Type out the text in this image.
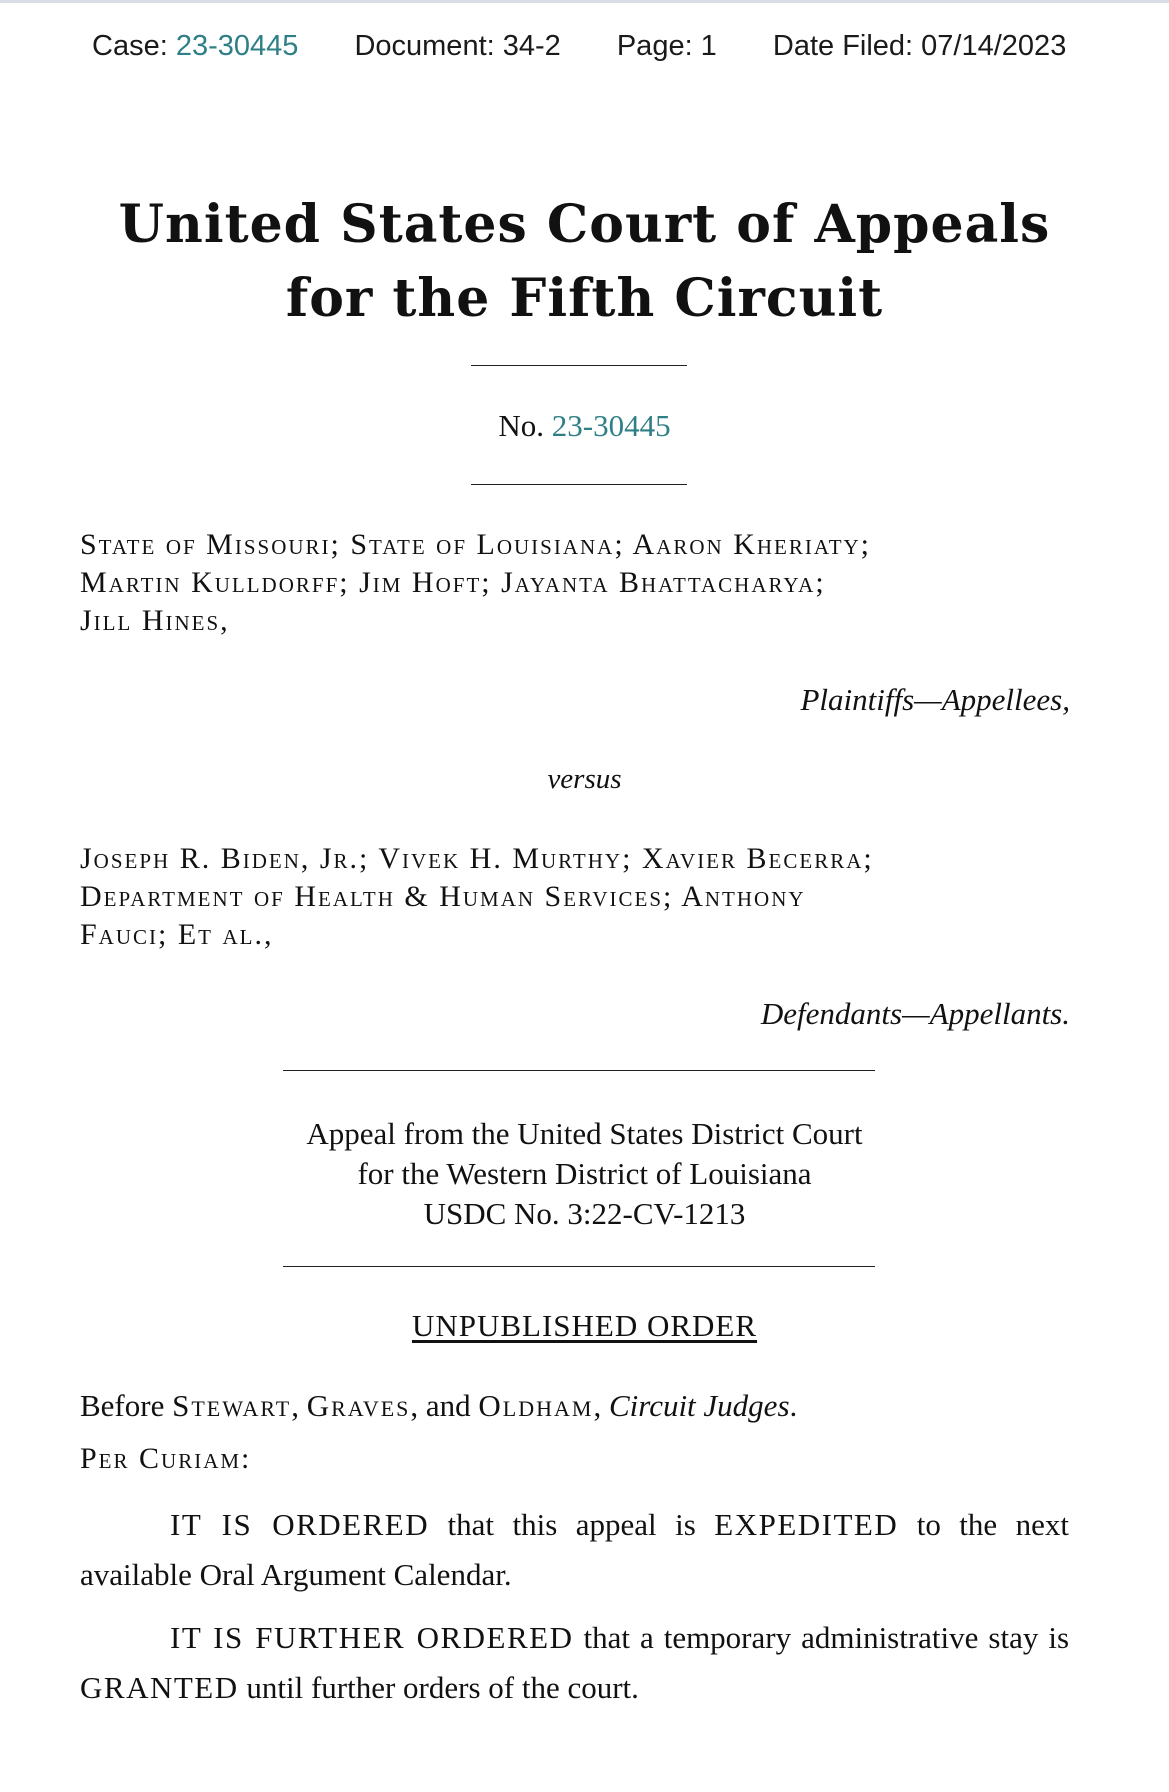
Case: 23-30445 Document: 34-2 Page: 1 Date Filed: 07/14/2023
United States Court of Appeals
for the Fifth Circuit
No. 23-30445
State of Missouri; State of Louisiana; Aaron Kheriaty;
Martin Kulldorff; Jim Hoft; Jayanta Bhattacharya;
Jill Hines,
Plaintiffs—Appellees,
versus
Joseph R. Biden, Jr.; Vivek H. Murthy; Xavier Becerra;
Department of Health & Human Services; Anthony
Fauci; Et al.,
Defendants—Appellants.
Appeal from the United States District Court
for the Western District of Louisiana
USDC No. 3:22-CV-1213
UNPUBLISHED ORDER
Before Stewart, Graves, and Oldham, Circuit Judges.
Per Curiam:
IT IS ORDERED that this appeal is EXPEDITED to the next available Oral Argument Calendar.
IT IS FURTHER ORDERED that a temporary administrative stay is GRANTED until further orders of the court.
